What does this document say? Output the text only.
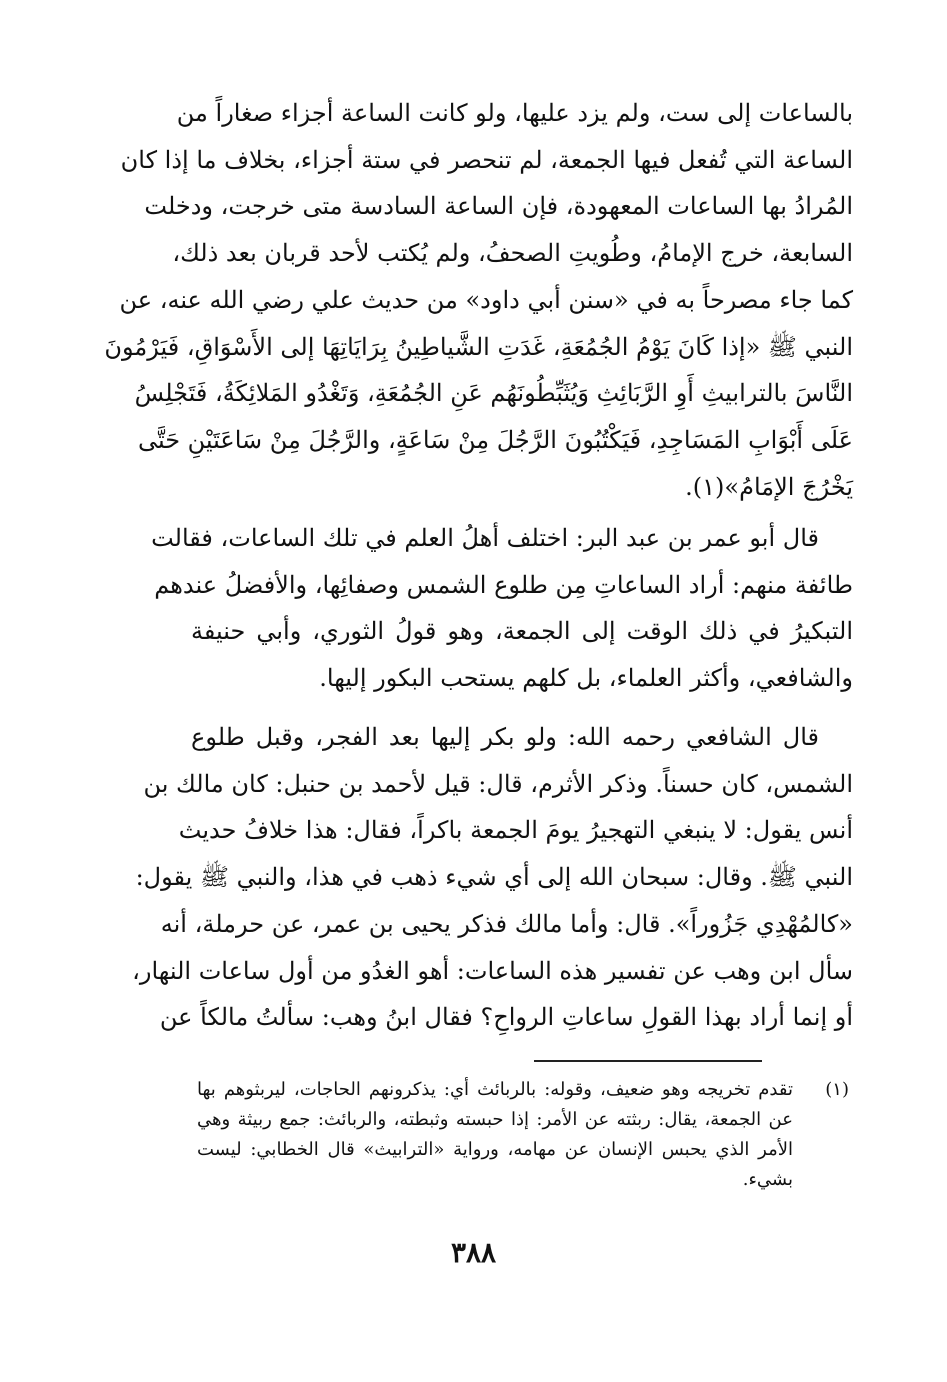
بالساعات إلى ست، ولم يزد عليها، ولو كانت الساعة أجزاء صغاراً من
الساعة التي تُفعل فيها الجمعة، لم تنحصر في ستة أجزاء، بخلاف ما إذا كان
المُرادُ بها الساعات المعهودة، فإن الساعة السادسة متى خرجت، ودخلت
السابعة، خرج الإمامُ، وطُويتِ الصحفُ، ولم يُكتب لأحد قربان بعد ذلك،
كما جاء مصرحاً به في «سنن أبي داود» من حديث علي رضي الله عنه، عن
النبي ﷺ «إذا كَانَ يَوْمُ الجُمُعَةِ، غَدَتِ الشَّياطِينُ بِرَايَاتِهَا إلى الأَسْوَاقِ، فَيَرْمُونَ
النَّاسَ بالترابيثِ أَوِ الرَّبَائِثِ وَيُثَبِّطُونَهُم عَنِ الجُمُعَةِ، وَتَغْدُو المَلائِكَةُ، فَتَجْلِسُ
عَلَى أَبْوَابِ المَسَاجِدِ، فَيَكْتُبُونَ الرَّجُلَ مِنْ سَاعَةٍ، والرَّجُلَ مِنْ سَاعَتَيْنِ حَتَّى
يَخْرُجَ الإمَامُ»(١).
قال أبو عمر بن عبد البر: اختلف أهلُ العلم في تلك الساعات، فقالت
طائفة منهم: أراد الساعاتِ مِن طلوع الشمس وصفائِها، والأفضلُ عندهم
التبكيرُ في ذلك الوقت إلى الجمعة، وهو قولُ الثوري، وأبي حنيفة
والشافعي، وأكثر العلماء، بل كلهم يستحب البكور إليها.
قال الشافعي رحمه الله: ولو بكر إليها بعد الفجر، وقبل طلوع
الشمس، كان حسناً. وذكر الأثرم، قال: قيل لأحمد بن حنبل: كان مالك بن
أنس يقول: لا ينبغي التهجيرُ يومَ الجمعة باكراً، فقال: هذا خلافُ حديث
النبي ﷺ. وقال: سبحان الله إلى أي شيء ذهب في هذا، والنبي ﷺ يقول:
«كالمُهْدِي جَزُوراً». قال: وأما مالك فذكر يحيى بن عمر، عن حرملة، أنه
سأل ابن وهب عن تفسير هذه الساعات: أهو الغدُو من أول ساعات النهار،
أو إنما أراد بهذا القولِ ساعاتِ الرواحِ؟ فقال ابنُ وهب: سألتُ مالكاً عن
(١)تقدم تخريجه وهو ضعيف، وقوله: بالربائث أي: يذكرونهم الحاجات، ليربثوهم بها
عن الجمعة، يقال: ربثته عن الأمر: إذا حبسته وثبطته، والربائث: جمع ربيثة وهي
الأمر الذي يحبس الإنسان عن مهامه، ورواية «الترابيث» قال الخطابي: ليست
بشيء.
٣٨٨
